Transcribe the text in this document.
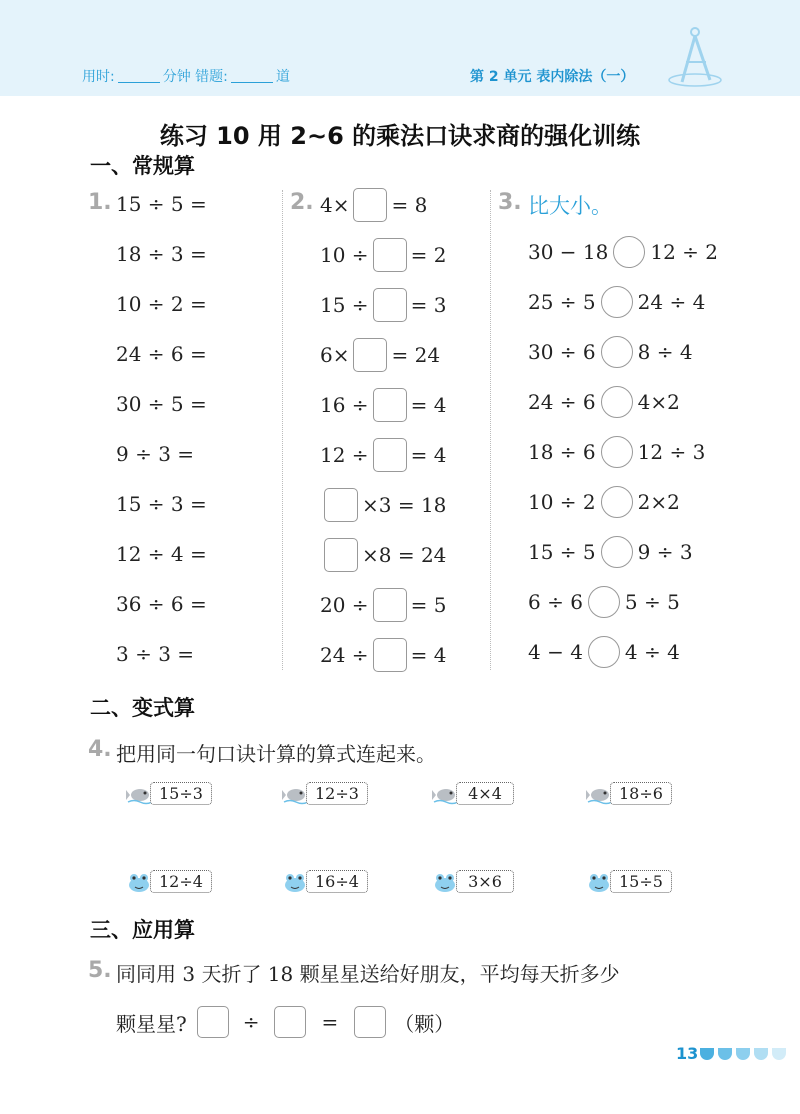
用时:	分钟 错题:	道	第 2 单元 表内除法（一）
练习 10 用 2~6 的乘法口诀求商的强化训练
一、常规算
1. 15 ÷ 5 =
18 ÷ 3 =
10 ÷ 2 =
24 ÷ 6 =
30 ÷ 5 =
9 ÷ 3 =
15 ÷ 3 =
12 ÷ 4 =
36 ÷ 6 =
3 ÷ 3 =
2. 4× = 8
10 ÷ = 2
15 ÷ = 3
6× = 24
16 ÷ = 4
12 ÷ = 4
×3 = 18
×8 = 24
20 ÷ = 5
24 ÷ = 4
3. 比大小。
30 − 18 12 ÷ 2
25 ÷ 5 24 ÷ 4
30 ÷ 6 8 ÷ 4
24 ÷ 6 4×2
18 ÷ 6 12 ÷ 3
10 ÷ 2 2×2
15 ÷ 5 9 ÷ 3
6 ÷ 6 5 ÷ 5
4 − 4 4 ÷ 4
二、变式算
4. 把用同一句口诀计算的算式连起来。
15÷3	12÷3	4×4	18÷6
12÷4	16÷4	3×6	15÷5
三、应用算
5. 同同用 3 天折了 18 颗星星送给好朋友，平均每天折多少
颗星星?	÷	=	（颗）
13
